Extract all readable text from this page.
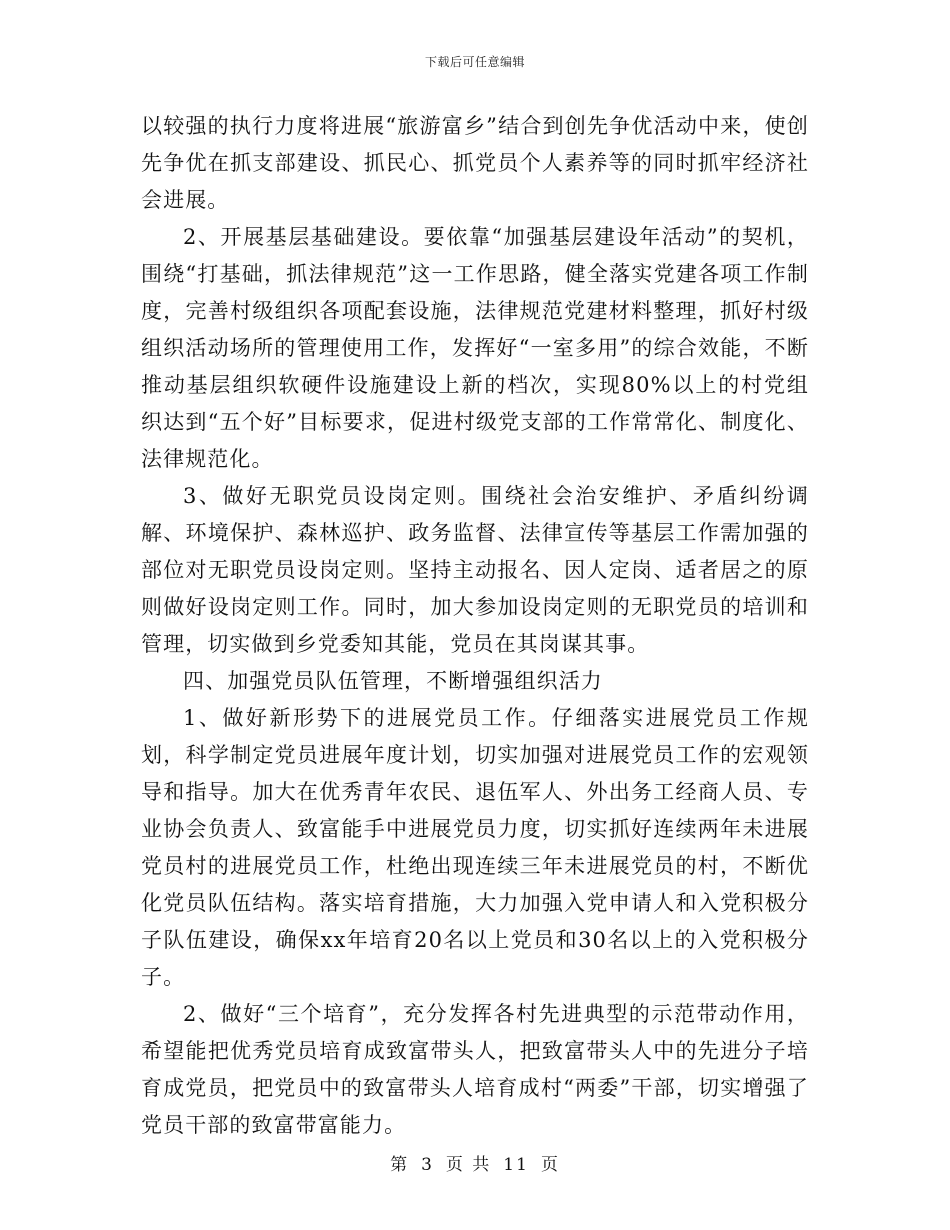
下载后可任意编辑

以较强的执行力度将进展“旅游富乡”结合到创先争优活动中来，使创先争优在抓支部建设、抓民心、抓党员个人素养等的同时抓牢经济社会进展。

2、开展基层基础建设。要依靠“加强基层建设年活动”的契机，围绕“打基础，抓法律规范”这一工作思路，健全落实党建各项工作制度，完善村级组织各项配套设施，法律规范党建材料整理，抓好村级组织活动场所的管理使用工作，发挥好“一室多用”的综合效能，不断推动基层组织软硬件设施建设上新的档次，实现80%以上的村党组织达到“五个好”目标要求，促进村级党支部的工作常常化、制度化、法律规范化。

3、做好无职党员设岗定则。围绕社会治安维护、矛盾纠纷调解、环境保护、森林巡护、政务监督、法律宣传等基层工作需加强的部位对无职党员设岗定则。坚持主动报名、因人定岗、适者居之的原则做好设岗定则工作。同时，加大参加设岗定则的无职党员的培训和管理，切实做到乡党委知其能，党员在其岗谋其事。

四、加强党员队伍管理，不断增强组织活力

1、做好新形势下的进展党员工作。仔细落实进展党员工作规划，科学制定党员进展年度计划，切实加强对进展党员工作的宏观领导和指导。加大在优秀青年农民、退伍军人、外出务工经商人员、专业协会负责人、致富能手中进展党员力度，切实抓好连续两年未进展党员村的进展党员工作，杜绝出现连续三年未进展党员的村，不断优化党员队伍结构。落实培育措施，大力加强入党申请人和入党积极分子队伍建设，确保xx年培育20名以上党员和30名以上的入党积极分子。

2、做好“三个培育”，充分发挥各村先进典型的示范带动作用，希望能把优秀党员培育成致富带头人，把致富带头人中的先进分子培育成党员，把党员中的致富带头人培育成村“两委”干部，切实增强了党员干部的致富带富能力。

第 3 页 共 11 页
